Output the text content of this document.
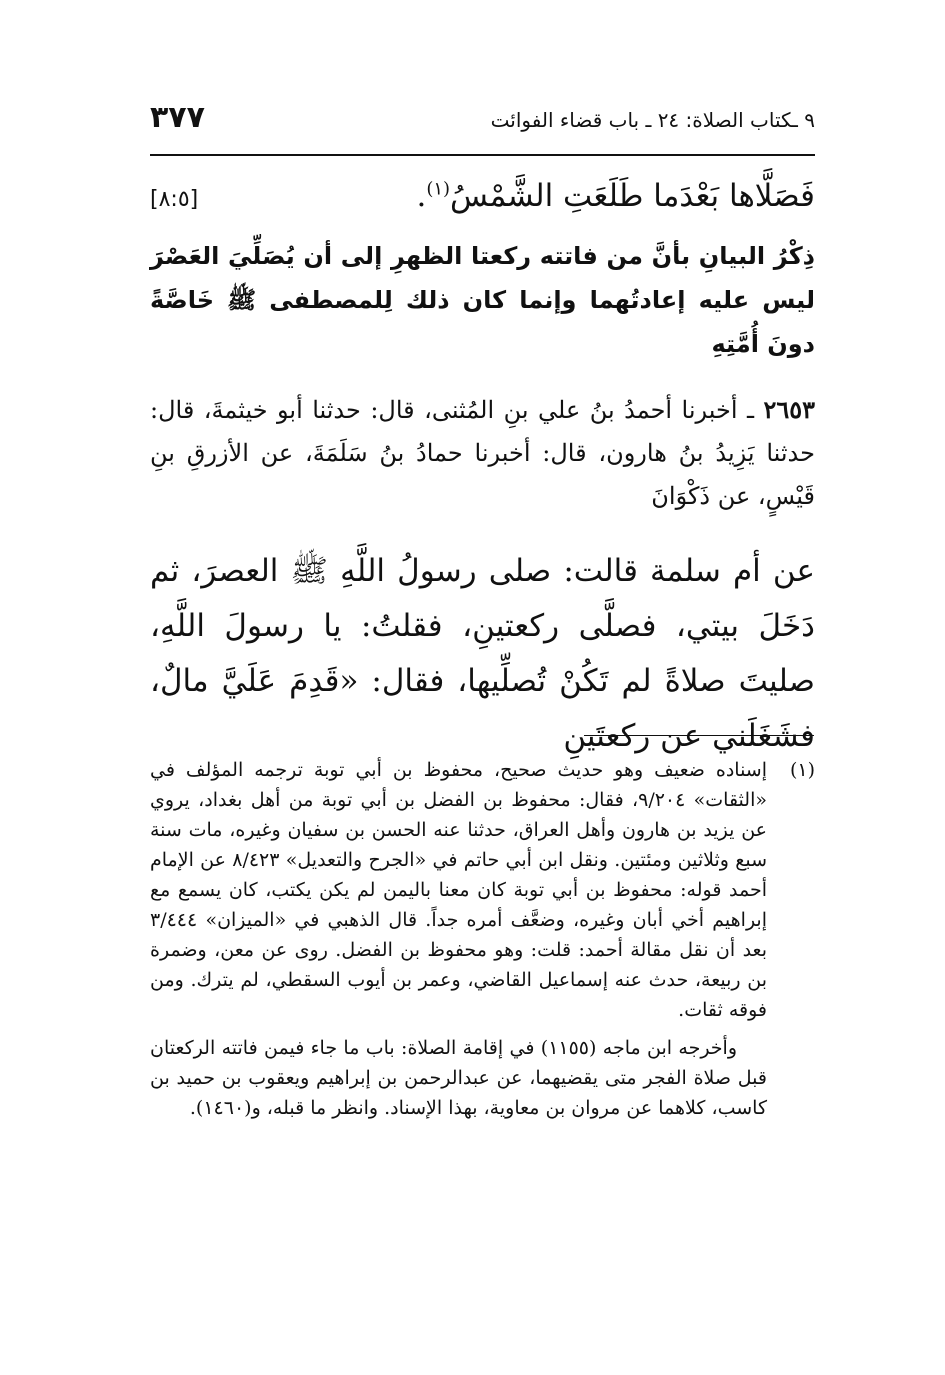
٩ ـكتاب الصلاة: ٢٤ ـ باب قضاء الفوائت
٣٧٧
فَصَلَّاها بَعْدَما طَلَعَتِ الشَّمْسُ$^{(١)}$.
[٨:٥]
ذِكْرُ البيانِ بأنَّ من فاتته ركعتا الظهرِ إلى أن يُصَلِّيَ العَصْرَ ليس عليه إعادتُهما وإنما كان ذلك لِلمصطفى ﷺ خَاصَّةً دونَ أُمَّتِهِ
٢٦٥٣ ـ أخبرنا أحمدُ بنُ علي بنِ المُثنى، قال: حدثنا أبو خيثمةَ، قال: حدثنا يَزِيدُ بنُ هارون، قال: أخبرنا حمادُ بنُ سَلَمَةَ، عن الأزرقِ بنِ قَيْسٍ، عن ذَكْوَانَ
عن أم سلمة قالت: صلى رسولُ اللَّهِ ﷺ العصرَ، ثم دَخَلَ بيتي، فصلَّى ركعتينِ، فقلتُ: يا رسولَ اللَّهِ، صليتَ صلاةً لم تَكُنْ تُصلِّيها، فقال: «قَدِمَ عَلَيَّ مالٌ، فشَغَلَني عن ركعتَينِ
(١)
إسناده ضعيف وهو حديث صحيح، محفوظ بن أبي توبة ترجمه المؤلف في «الثقات» ٩/٢٠٤، فقال: محفوظ بن الفضل بن أبي توبة من أهل بغداد، يروي عن يزيد بن هارون وأهل العراق، حدثنا عنه الحسن بن سفيان وغيره، مات سنة سبع وثلاثين ومئتين. ونقل ابن أبي حاتم في «الجرح والتعديل» ٨/٤٢٣ عن الإمام أحمد قوله: محفوظ بن أبي توبة كان معنا باليمن لم يكن يكتب، كان يسمع مع إبراهيم أخي أبان وغيره، وضعَّف أمره جداً. قال الذهبي في «الميزان» ٣/٤٤٤ بعد أن نقل مقالة أحمد: قلت: وهو محفوظ بن الفضل. روى عن معن، وضمرة بن ربيعة، حدث عنه إسماعيل القاضي، وعمر بن أيوب السقطي، لم يترك. ومن فوقه ثقات.
وأخرجه ابن ماجه (١١٥٥) في إقامة الصلاة: باب ما جاء فيمن فاتته الركعتان قبل صلاة الفجر متى يقضيهما، عن عبدالرحمن بن إبراهيم ويعقوب بن حميد بن كاسب، كلاهما عن مروان بن معاوية، بهذا الإسناد. وانظر ما قبله، و(١٤٦٠).
